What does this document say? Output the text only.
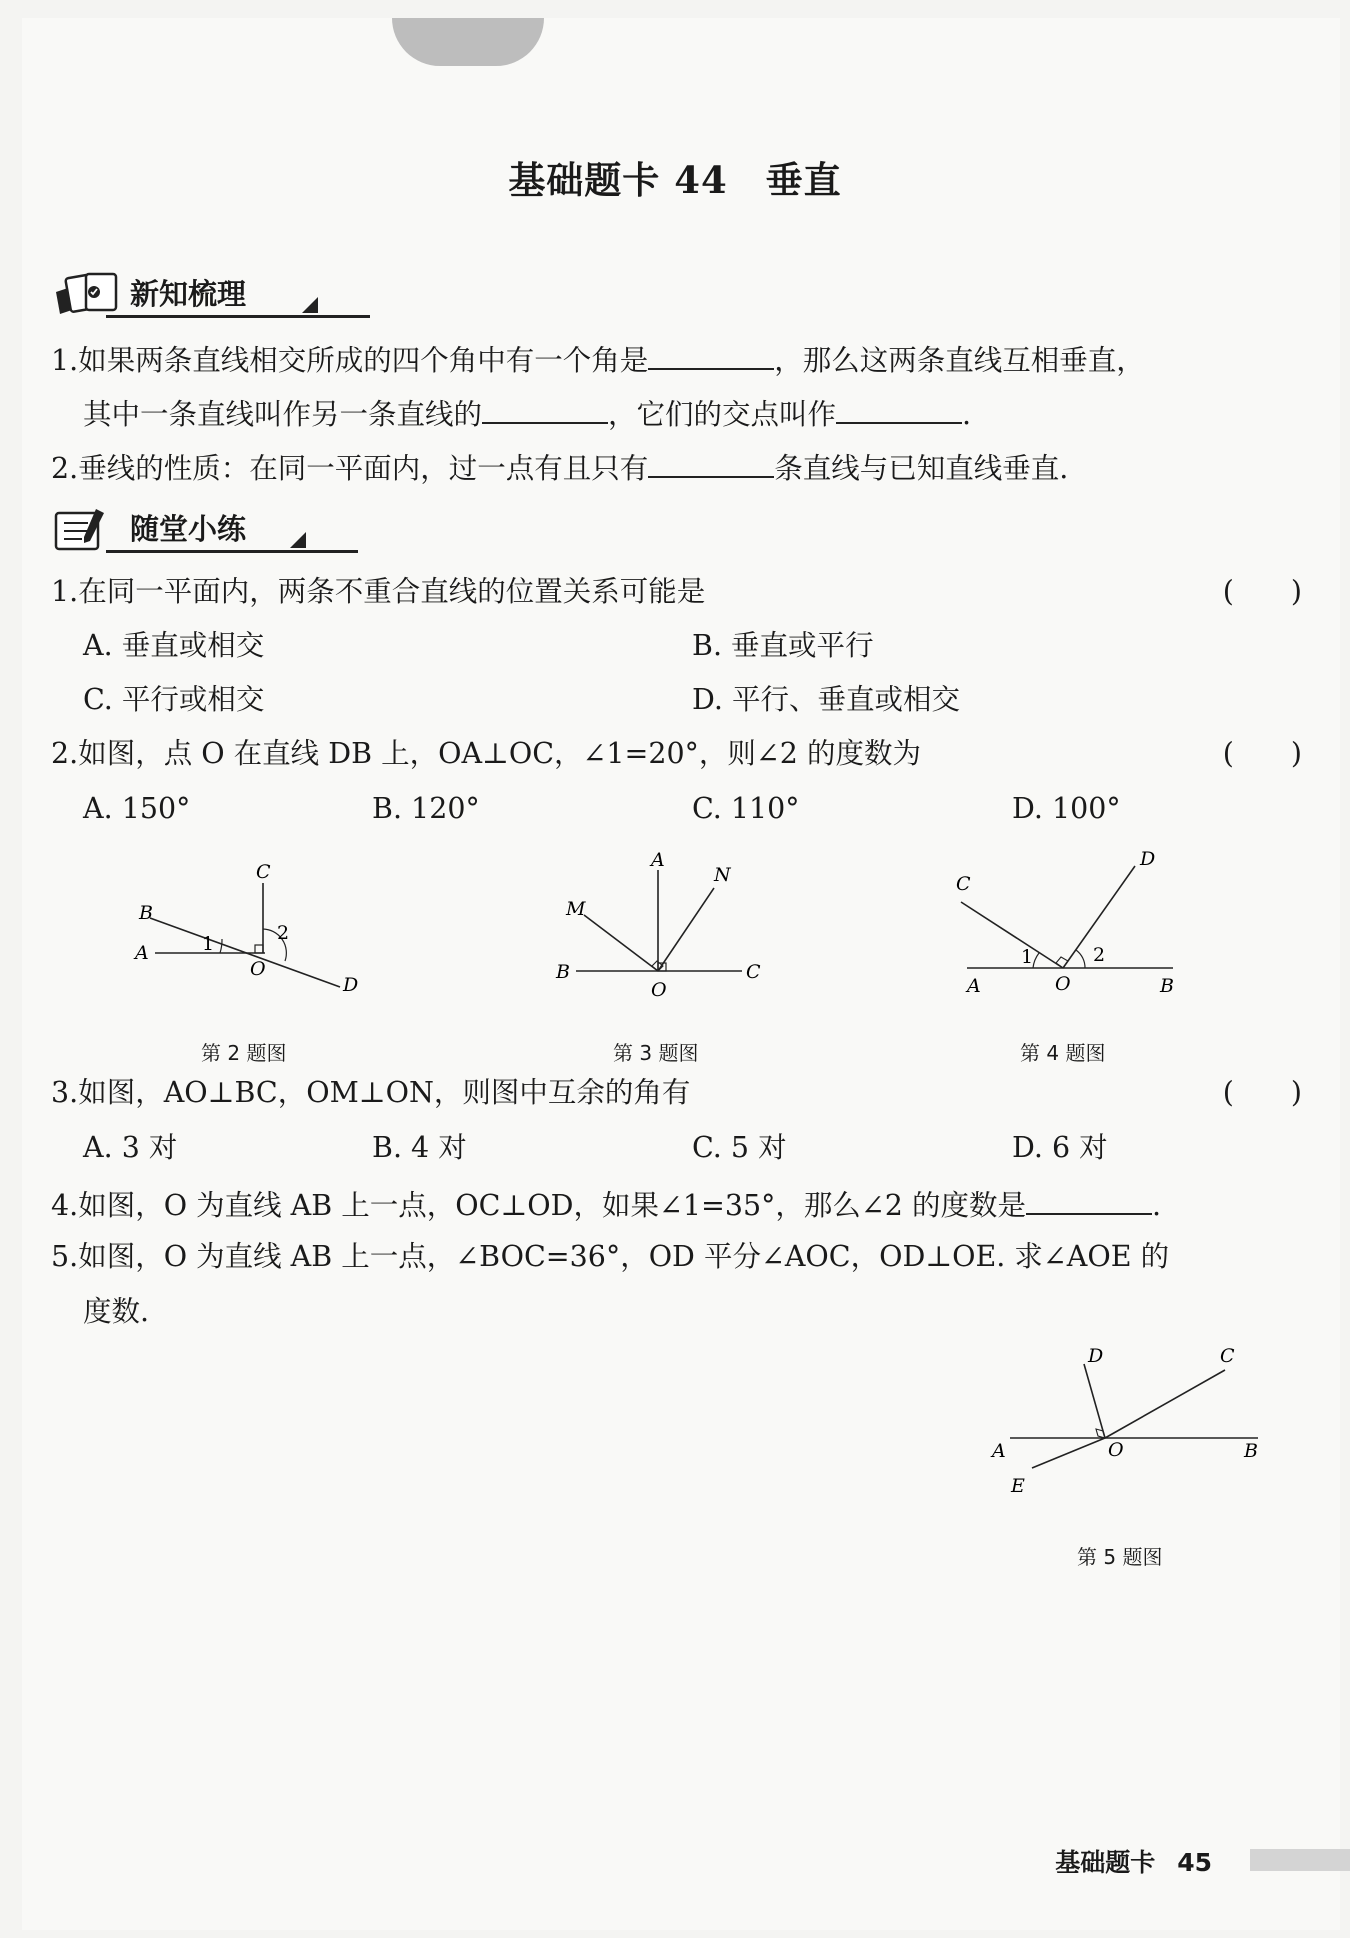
基础题卡 44　垂直
新知梳理
1.如果两条直线相交所成的四个角中有一个角是	，那么这两条直线互相垂直，
其中一条直线叫作另一条直线的	，它们的交点叫作	.
2.垂线的性质：在同一平面内，过一点有且只有	条直线与已知直线垂直.
随堂小练
1.在同一平面内，两条不重合直线的位置关系可能是	(　　)
A. 垂直或相交	B. 垂直或平行
C. 平行或相交	D. 平行、垂直或相交
2.如图，点 O 在直线 DB 上，OA⊥OC，∠1=20°，则∠2 的度数为	(　　)
A. 150°	B. 120°	C. 110°	D. 100°
C
B
A	1	2
O
D
第 2 题图
A
N
M
B	C
O
第 3 题图
C
D
1	2
A	O	B
第 4 题图
3.如图，AO⊥BC，OM⊥ON，则图中互余的角有	(　　)
A. 3 对	B. 4 对	C. 5 对	D. 6 对
4.如图，O 为直线 AB 上一点，OC⊥OD，如果∠1=35°，那么∠2 的度数是	.
5.如图，O 为直线 AB 上一点，∠BOC=36°，OD 平分∠AOC，OD⊥OE. 求∠AOE 的
度数.
D	C
A	O	B
E
第 5 题图
基础题卡 45
